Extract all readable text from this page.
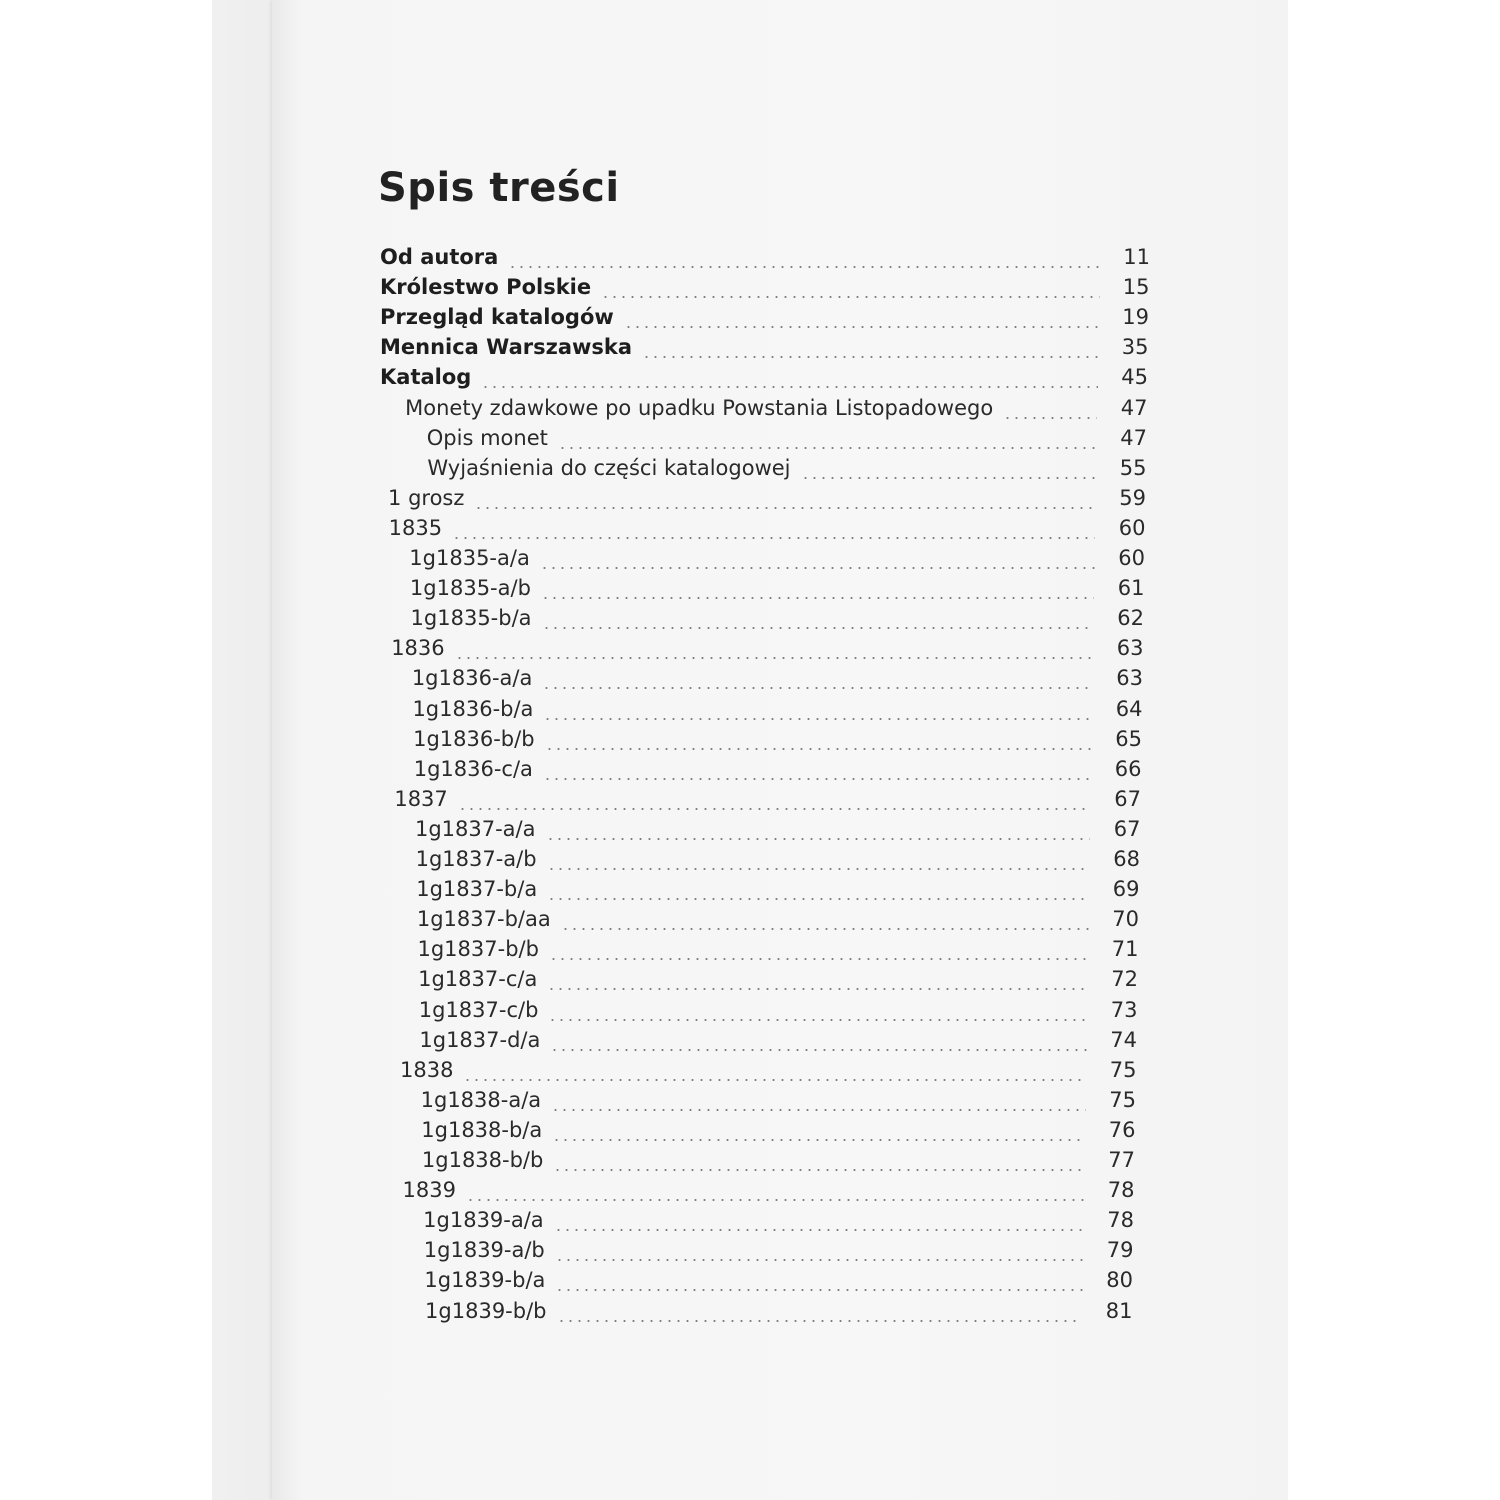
Spis treści
Od autora	11
Królestwo Polskie	15
Przegląd katalogów	19
Mennica Warszawska	35
Katalog	45
Monety zdawkowe po upadku Powstania Listopadowego	47
Opis monet	47
Wyjaśnienia do części katalogowej	55
1 grosz	59
1835	60
1g1835-a/a	60
1g1835-a/b	61
1g1835-b/a	62
1836	63
1g1836-a/a	63
1g1836-b/a	64
1g1836-b/b	65
1g1836-c/a	66
1837	67
1g1837-a/a	67
1g1837-a/b	68
1g1837-b/a	69
1g1837-b/aa	70
1g1837-b/b	71
1g1837-c/a	72
1g1837-c/b	73
1g1837-d/a	74
1838	75
1g1838-a/a	75
1g1838-b/a	76
1g1838-b/b	77
1839	78
1g1839-a/a	78
1g1839-a/b	79
1g1839-b/a	80
1g1839-b/b	81
